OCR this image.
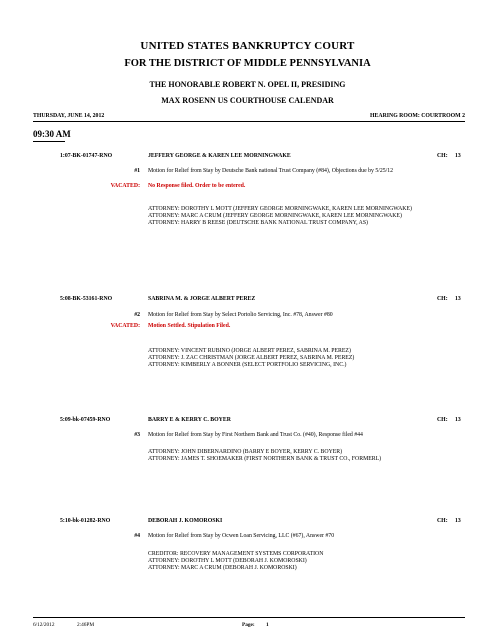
UNITED STATES BANKRUPTCY COURT
FOR THE DISTRICT OF MIDDLE PENNSYLVANIA
THE HONORABLE ROBERT N. OPEL II, PRESIDING
MAX ROSENN US COURTHOUSE CALENDAR
THURSDAY, JUNE 14, 2012	HEARING ROOM: COURTROOM 2
09:30 AM
1:07-BK-01747-RNO	JEFFERY GEORGE & KAREN LEE MORNINGWAKE	CH: 13
#1 Motion for Relief from Stay by Deutsche Bank national Trust Company (#84), Objections due by 5/25/12
VACATED: No Response filed. Order to be entered.
ATTORNEY: DOROTHY L MOTT (JEFFERY GEORGE MORNINGWAKE, KAREN LEE MORNINGWAKE)
ATTORNEY: MARC A CRUM (JEFFERY GEORGE MORNINGWAKE, KAREN LEE MORNINGWAKE)
ATTORNEY: HARRY B REESE (DEUTSCHE BANK NATIONAL TRUST COMPANY, AS)
5:08-BK-53161-RNO	SABRINA M. & JORGE ALBERT PEREZ	CH: 13
#2 Motion for Relief from Stay by Select Portolio Servicing, Inc. #78, Answer #80
VACATED: Motion Settled. Stipulation Filed.
ATTORNEY: VINCENT RUBINO (JORGE ALBERT PEREZ, SABRINA M. PEREZ)
ATTORNEY: J. ZAC CHRISTMAN (JORGE ALBERT PEREZ, SABRINA M. PEREZ)
ATTORNEY: KIMBERLY A BONNER (SELECT PORTFOLIO SERVICING, INC.)
5:09-bk-07459-RNO	BARRY E & KERRY C. BOYER	CH: 13
#3 Motion for Relief from Stay by First Northern Bank and Trust Co. (#40), Response filed #44
ATTORNEY: JOHN DIBERNARDINO (BARRY E BOYER, KERRY C. BOYER)
ATTORNEY: JAMES T. SHOEMAKER (FIRST NORTHERN BANK & TRUST CO., FORMERL)
5:10-bk-01282-RNO	DEBORAH J. KOMOROSKI	CH: 13
#4 Motion for Relief from Stay by Ocwen Loan Servicing, LLC (#67), Answer #70
CREDITOR: RECOVERY MANAGEMENT SYSTEMS CORPORATION
ATTORNEY: DOROTHY L MOTT (DEBORAH J. KOMOROSKI)
ATTORNEY: MARC A CRUM (DEBORAH J. KOMOROSKI)
6/12/2012	2:46PM	Page: 1
